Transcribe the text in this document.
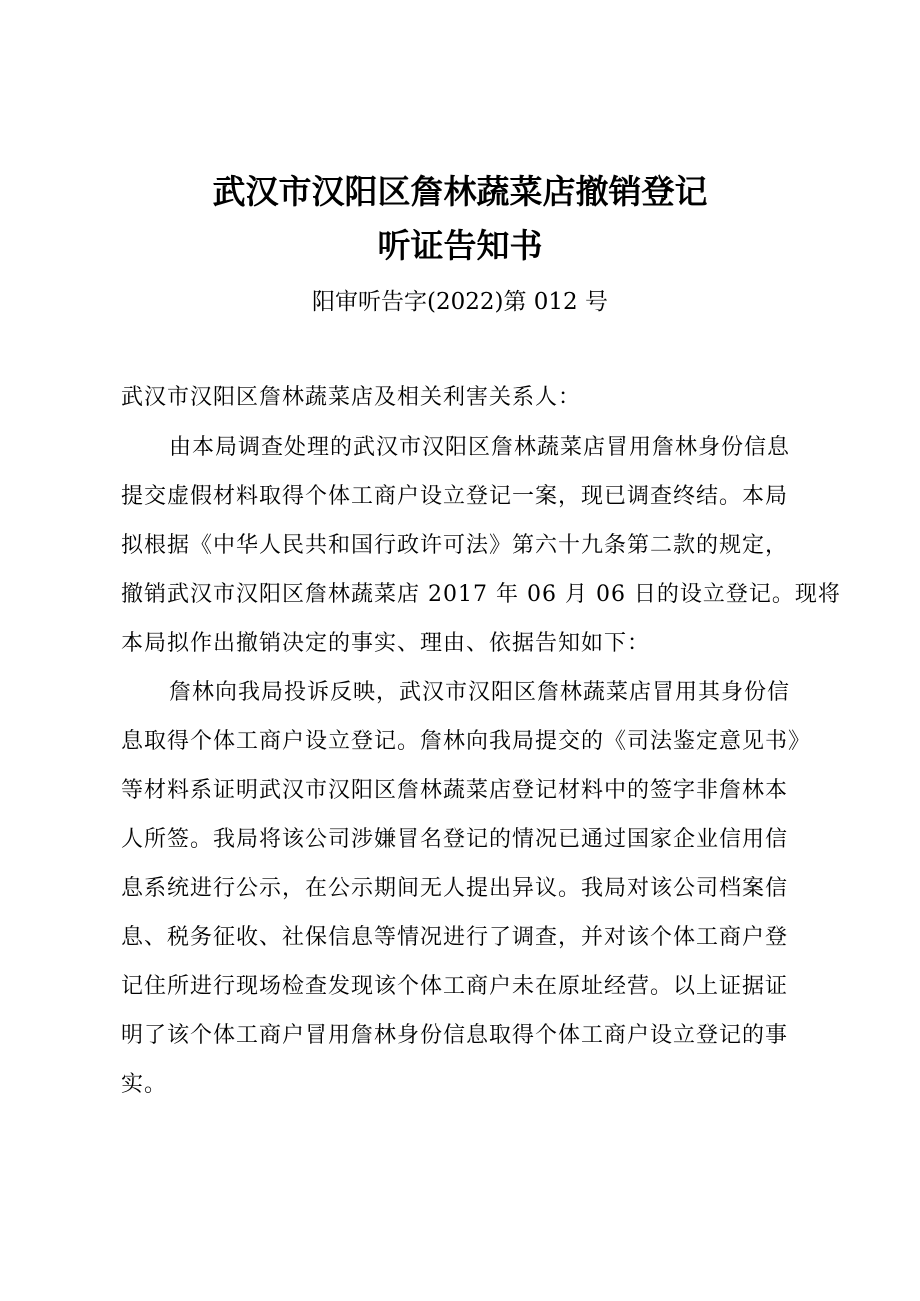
武汉市汉阳区詹林蔬菜店撤销登记
听证告知书
阳审听告字(2022)第 012 号
武汉市汉阳区詹林蔬菜店及相关利害关系人：
由本局调查处理的武汉市汉阳区詹林蔬菜店冒用詹林身份信息
提交虚假材料取得个体工商户设立登记一案，现已调查终结。本局
拟根据《中华人民共和国行政许可法》第六十九条第二款的规定，
撤销武汉市汉阳区詹林蔬菜店 2017 年 06 月 06 日的设立登记。现将
本局拟作出撤销决定的事实、理由、依据告知如下：
詹林向我局投诉反映，武汉市汉阳区詹林蔬菜店冒用其身份信
息取得个体工商户设立登记。詹林向我局提交的《司法鉴定意见书》
等材料系证明武汉市汉阳区詹林蔬菜店登记材料中的签字非詹林本
人所签。我局将该公司涉嫌冒名登记的情况已通过国家企业信用信
息系统进行公示，在公示期间无人提出异议。我局对该公司档案信
息、税务征收、社保信息等情况进行了调查，并对该个体工商户登
记住所进行现场检查发现该个体工商户未在原址经营。以上证据证
明了该个体工商户冒用詹林身份信息取得个体工商户设立登记的事
实。
